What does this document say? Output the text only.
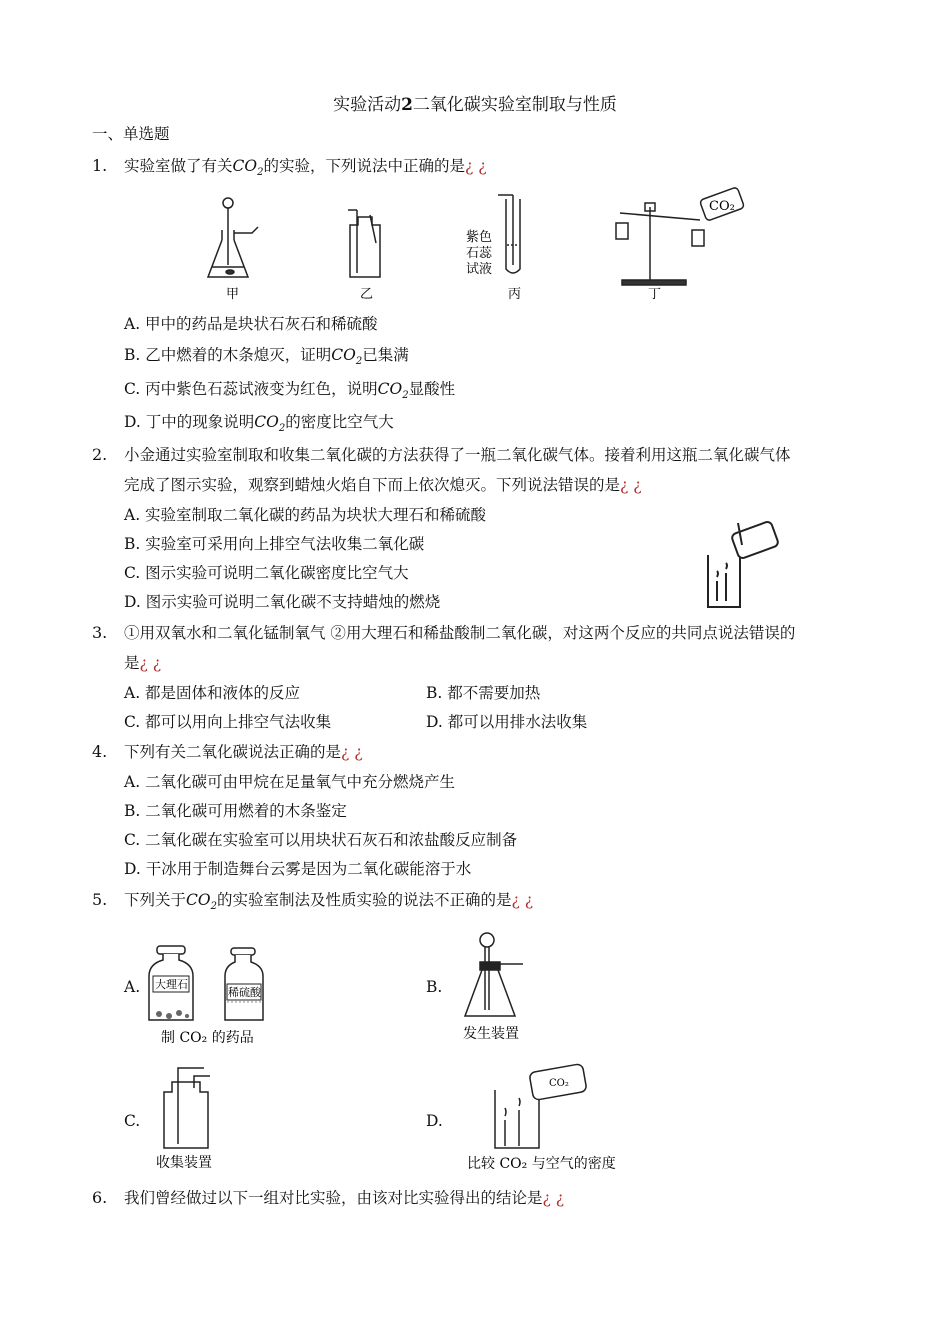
实验活动2二氧化碳实验室制取与性质
一、单选题
1. 实验室做了有关$CO_2$的实验，下列说法中正确的是¿ ¿
甲	乙
紫色
石蕊
试液
丙
CO₂
丁
A. 甲中的药品是块状石灰石和稀硫酸
B. 乙中燃着的木条熄灭，证明$CO_2$已集满
C. 丙中紫色石蕊试液变为红色，说明$CO_2$显酸性
D. 丁中的现象说明$CO_2$的密度比空气大
2. 小金通过实验室制取和收集二氧化碳的方法获得了一瓶二氧化碳气体。接着利用这瓶二氧化碳气体
完成了图示实验，观察到蜡烛火焰自下而上依次熄灭。下列说法错误的是¿ ¿
A. 实验室制取二氧化碳的药品为块状大理石和稀硫酸
B. 实验室可采用向上排空气法收集二氧化碳
C. 图示实验可说明二氧化碳密度比空气大
D. 图示实验可说明二氧化碳不支持蜡烛的燃烧
3. ①用双氧水和二氧化锰制氧气 ②用大理石和稀盐酸制二氧化碳，对这两个反应的共同点说法错误的
是¿ ¿
A. 都是固体和液体的反应	B. 都不需要加热
C. 都可以用向上排空气法收集	D. 都可以用排水法收集
4. 下列有关二氧化碳说法正确的是¿ ¿
A. 二氧化碳可由甲烷在足量氧气中充分燃烧产生
B. 二氧化碳可用燃着的木条鉴定
C. 二氧化碳在实验室可以用块状石灰石和浓盐酸反应制备
D. 干冰用于制造舞台云雾是因为二氧化碳能溶于水
5. 下列关于$CO_2$的实验室制法及性质实验的说法不正确的是¿ ¿
A. 大理石
稀硫酸
制 CO₂ 的药品
B.
发生装置
C.
收集装置
D.
CO₂
比较 CO₂ 与空气的密度
6. 我们曾经做过以下一组对比实验，由该对比实验得出的结论是¿ ¿
